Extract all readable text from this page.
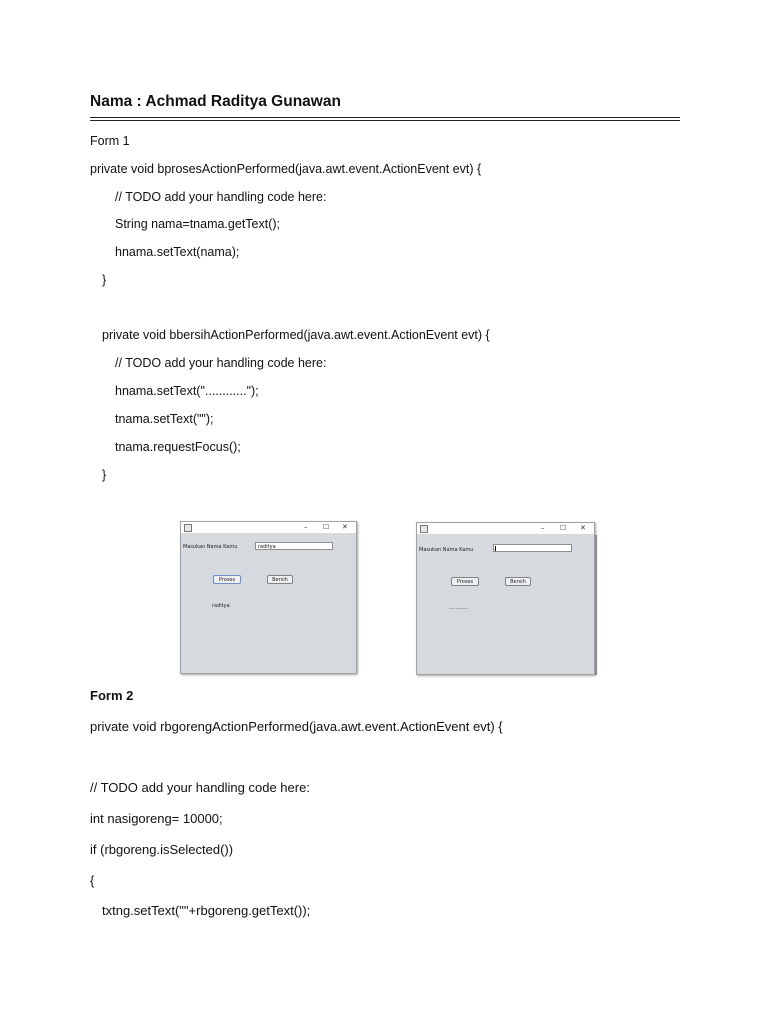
Nama : Achmad Raditya Gunawan
Form 1
private void bprosesActionPerformed(java.awt.event.ActionEvent evt) {
// TODO add your handling code here:
String nama=tnama.getText();
hnama.setText(nama);
}
private void bbersihActionPerformed(java.awt.event.ActionEvent evt) {
// TODO add your handling code here:
hnama.setText("............");
tnama.setText("");
tnama.requestFocus();
}
– ☐ ✕
Masukan Nama Kamu	raditya
Proses	Bersih
raditya
– ☐ ✕
Masukan Nama Kamu
Proses	Bersih
............
Form 2
private void rbgorengActionPerformed(java.awt.event.ActionEvent evt) {
// TODO add your handling code here:
int nasigoreng= 10000;
if (rbgoreng.isSelected())
{
txtng.setText(""+rbgoreng.getText());
